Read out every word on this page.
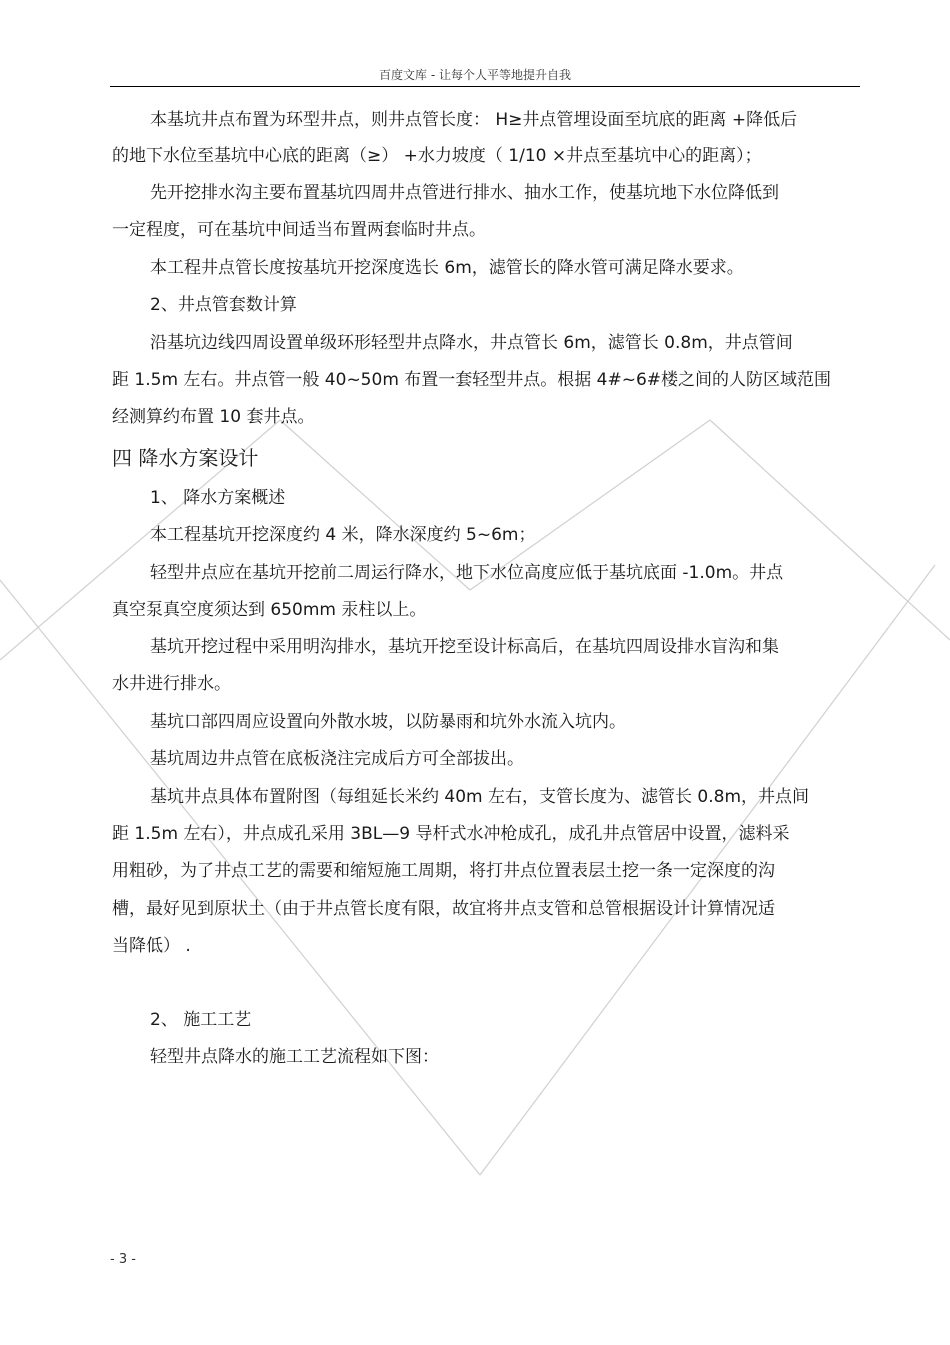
百度文库 - 让每个人平等地提升自我
本基坑井点布置为环型井点，则井点管长度： H≥井点管埋设面至坑底的距离 +降低后
的地下水位至基坑中心底的距离（≥） +水力坡度（ 1/10 ×井点至基坑中心的距离）；
先开挖排水沟主要布置基坑四周井点管进行排水、抽水工作，使基坑地下水位降低到
一定程度，可在基坑中间适当布置两套临时井点。
本工程井点管长度按基坑开挖深度选长 6m，滤管长的降水管可满足降水要求。
2、井点管套数计算
沿基坑边线四周设置单级环形轻型井点降水，井点管长 6m，滤管长 0.8m，井点管间
距 1.5m 左右。井点管一般 40~50m 布置一套轻型井点。根据 4#~6#楼之间的人防区域范围
经测算约布置 10 套井点。
四 降水方案设计
1、 降水方案概述
本工程基坑开挖深度约 4 米，降水深度约 5~6m；
轻型井点应在基坑开挖前二周运行降水，地下水位高度应低于基坑底面 -1.0m。井点
真空泵真空度须达到 650mm 汞柱以上。
基坑开挖过程中采用明沟排水，基坑开挖至设计标高后，在基坑四周设排水盲沟和集
水井进行排水。
基坑口部四周应设置向外散水坡，以防暴雨和坑外水流入坑内。
基坑周边井点管在底板浇注完成后方可全部拔出。
基坑井点具体布置附图（每组延长米约 40m 左右，支管长度为、滤管长 0.8m，井点间
距 1.5m 左右），井点成孔采用 3BL—9 导杆式水冲枪成孔，成孔井点管居中设置，滤料采
用粗砂，为了井点工艺的需要和缩短施工周期，将打井点位置表层土挖一条一定深度的沟
槽，最好见到原状土（由于井点管长度有限，故宜将井点支管和总管根据设计计算情况适
当降低） .
2、 施工工艺
轻型井点降水的施工工艺流程如下图：
- 3 -
